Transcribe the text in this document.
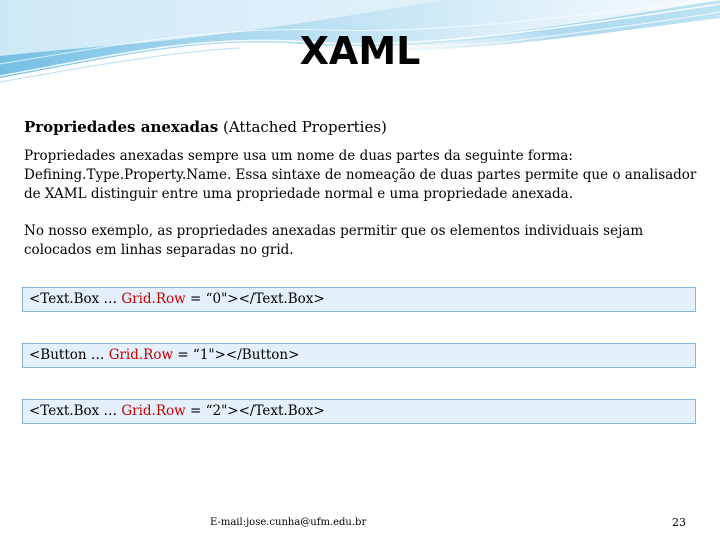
XAML

Propriedades anexadas (Attached Properties)

Propriedades anexadas sempre usa um nome de duas partes da seguinte forma: Defining.Type.Property.Name. Essa sintaxe de nomeação de duas partes permite que o analisador de XAML distinguir entre uma propriedade normal e uma propriedade anexada.

No nosso exemplo, as propriedades anexadas permitir que os elementos individuais sejam colocados em linhas separadas no grid.

<Text.Box … Grid.Row = “0"></Text.Box>
<Button … Grid.Row = “1"></Button>
<Text.Box … Grid.Row = “2"></Text.Box>
E-mail:jose.cunha@ufm.edu.br	23
